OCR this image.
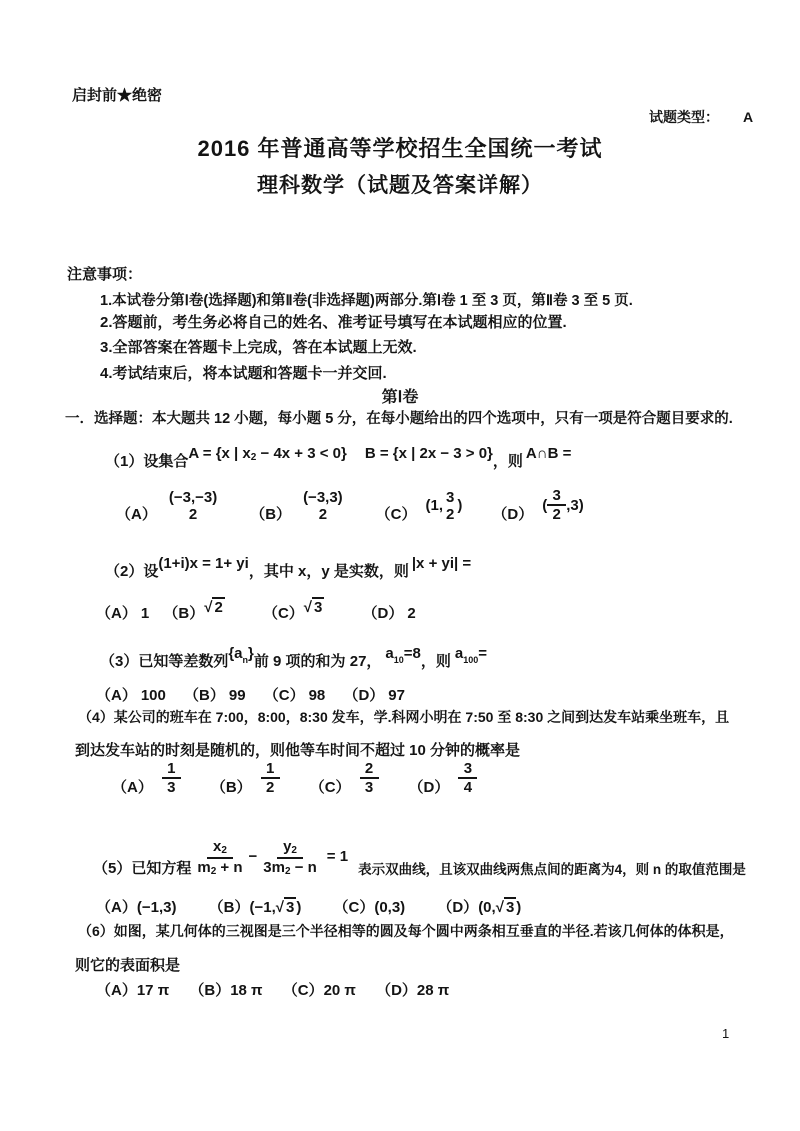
启封前★绝密
试题类型： A
2016 年普通高等学校招生全国统一考试
理科数学（试题及答案详解）
注意事项：
1.本试卷分第Ⅰ卷(选择题)和第Ⅱ卷(非选择题)两部分.第Ⅰ卷 1 至 3 页，第Ⅱ卷 3 至 5 页.
2.答题前，考生务必将自己的姓名、准考证号填写在本试题相应的位置.
3.全部答案在答题卡上完成，答在本试题上无效.
4.考试结束后，将本试题和答题卡一并交回.
第Ⅰ卷
一．选择题：本大题共 12 小题，每小题 5 分，在每小题给出的四个选项中，只有一项是符合题目要求的.
（1）设集合A = {x | x2 − 4x + 3 < 0} B = {x | 2x − 3 > 0}，则 A∩B =
（A）
(−3,−3)
2	（B）
(−3,3)
2	（C）
(1, 3
2
)
（D）
( $\frac{3}{2} ,3$)
（2）设(1+i)x = 1+ yi，其中 x，y 是实数，则 |x + yi| =
（A） 1 （B）√ 2	（C）√ 3	（D） 2
（3）已知等差数列$\{a_n\}$前 9 项的和为 27， $a_{10}=8$，则 $a_{100}=$
（A） 100 （B） 99 （C） 98 （D） 97
（4）某公司的班车在 7:00，8:00，8:30 发车，学.科网小明在 7:50 至 8:30 之间到达发车站乘坐班车，且
到达发车站的时刻是随机的，则他等车时间不超过 10 分钟的概率是
$(A) \frac{1}{3} (B) \frac{1}{2} (C) \frac{2}{3} (D) \frac{3}{4}$
（5）已知方程 $\frac{x2}{m2 + n} - \frac{y2}{3m2 - n} = 1$
表示双曲线，且该双曲线两焦点间的距离为4，则 n 的取值范围是
（A）(−1,3) （B）(−1,√ 3 ) （C）(0,3) （D）(0,√ 3 )
（6）如图，某几何体的三视图是三个半径相等的圆及每个圆中两条相互垂直的半径.若该几何体的体积是，
则它的表面积是
（A）17 π （B）18 π （C）20 π （D）28 π
1
